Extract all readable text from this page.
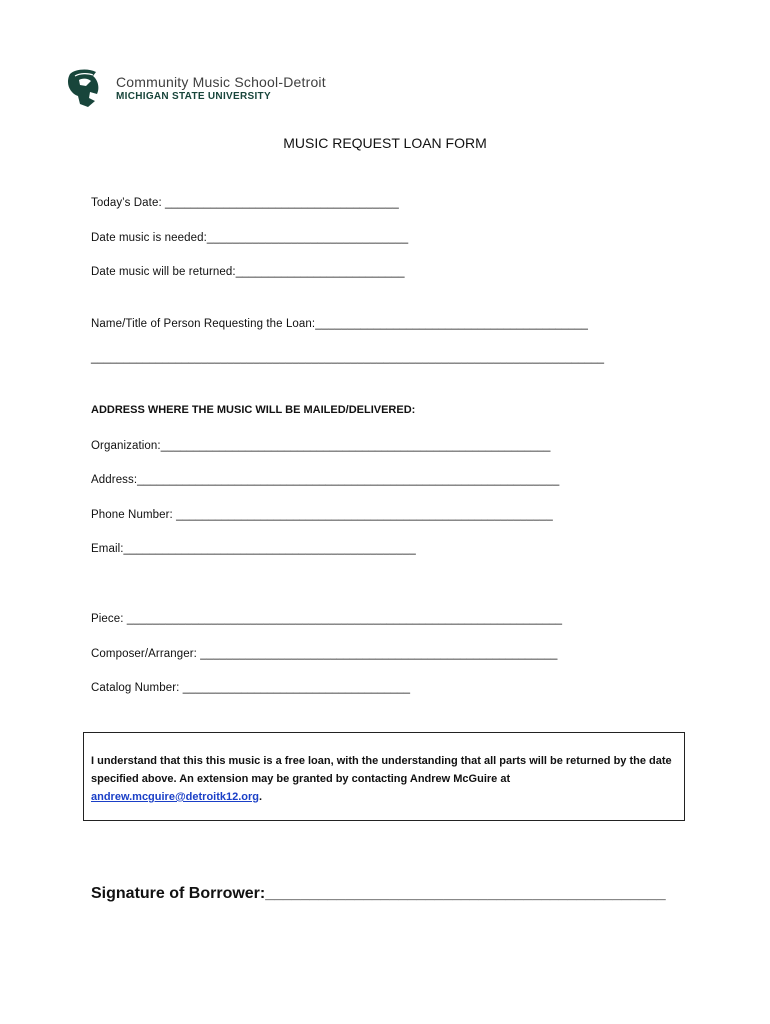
Community Music School-Detroit
MICHIGAN STATE UNIVERSITY
MUSIC REQUEST LOAN FORM
Today’s Date: ____________________________________
Date music is needed:_______________________________
Date music will be returned:__________________________
Name/Title of Person Requesting the Loan:__________________________________________
_______________________________________________________________________________
ADDRESS WHERE THE MUSIC WILL BE MAILED/DELIVERED:
Organization:____________________________________________________________
Address:_________________________________________________________________
Phone Number: __________________________________________________________
Email:_____________________________________________
Piece: ___________________________________________________________________
Composer/Arranger: _______________________________________________________
Catalog Number: ___________________________________
I understand that this this music is a free loan, with the understanding that all parts will be returned by the date specified above. An extension may be granted by contacting Andrew McGuire at andrew.mcguire@detroitk12.org.
Signature of Borrower:_____________________________________________
